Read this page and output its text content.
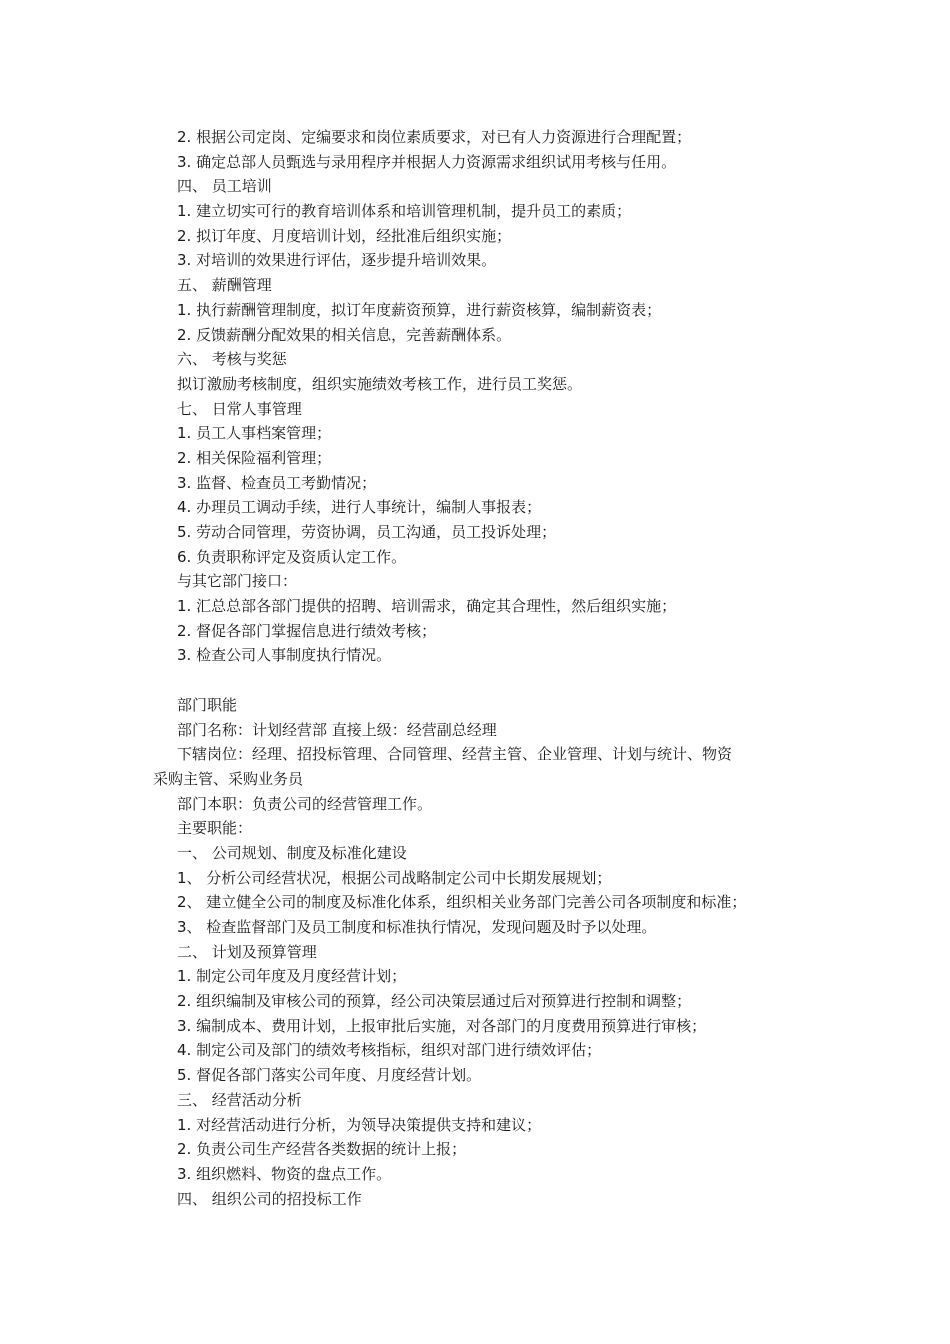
2. 根据公司定岗、定编要求和岗位素质要求，对已有人力资源进行合理配置；

3. 确定总部人员甄选与录用程序并根据人力资源需求组织试用考核与任用。

四、 员工培训

1. 建立切实可行的教育培训体系和培训管理机制，提升员工的素质；

2. 拟订年度、月度培训计划，经批准后组织实施；

3. 对培训的效果进行评估，逐步提升培训效果。

五、 薪酬管理

1. 执行薪酬管理制度，拟订年度薪资预算，进行薪资核算，编制薪资表；

2. 反馈薪酬分配效果的相关信息，完善薪酬体系。

六、 考核与奖惩

拟订激励考核制度，组织实施绩效考核工作，进行员工奖惩。

七、 日常人事管理

1. 员工人事档案管理；

2. 相关保险福利管理；

3. 监督、检查员工考勤情况；

4. 办理员工调动手续，进行人事统计，编制人事报表；

5. 劳动合同管理，劳资协调，员工沟通，员工投诉处理；

6. 负责职称评定及资质认定工作。

与其它部门接口：

1. 汇总总部各部门提供的招聘、培训需求，确定其合理性，然后组织实施；

2. 督促各部门掌握信息进行绩效考核；

3. 检查公司人事制度执行情况。

部门职能

部门名称：计划经营部 直接上级：经营副总经理

下辖岗位：经理、招投标管理、合同管理、经营主管、企业管理、计划与统计、物资

采购主管、采购业务员

部门本职：负责公司的经营管理工作。

主要职能：

一、 公司规划、制度及标准化建设

1、 分析公司经营状况，根据公司战略制定公司中长期发展规划；

2、 建立健全公司的制度及标准化体系，组织相关业务部门完善公司各项制度和标准；

3、 检查监督部门及员工制度和标准执行情况，发现问题及时予以处理。

二、 计划及预算管理

1. 制定公司年度及月度经营计划；

2. 组织编制及审核公司的预算，经公司决策层通过后对预算进行控制和调整；

3. 编制成本、费用计划，上报审批后实施，对各部门的月度费用预算进行审核；

4. 制定公司及部门的绩效考核指标，组织对部门进行绩效评估；

5. 督促各部门落实公司年度、月度经营计划。

三、 经营活动分析

1. 对经营活动进行分析，为领导决策提供支持和建议；

2. 负责公司生产经营各类数据的统计上报；

3. 组织燃料、物资的盘点工作。

四、 组织公司的招投标工作
